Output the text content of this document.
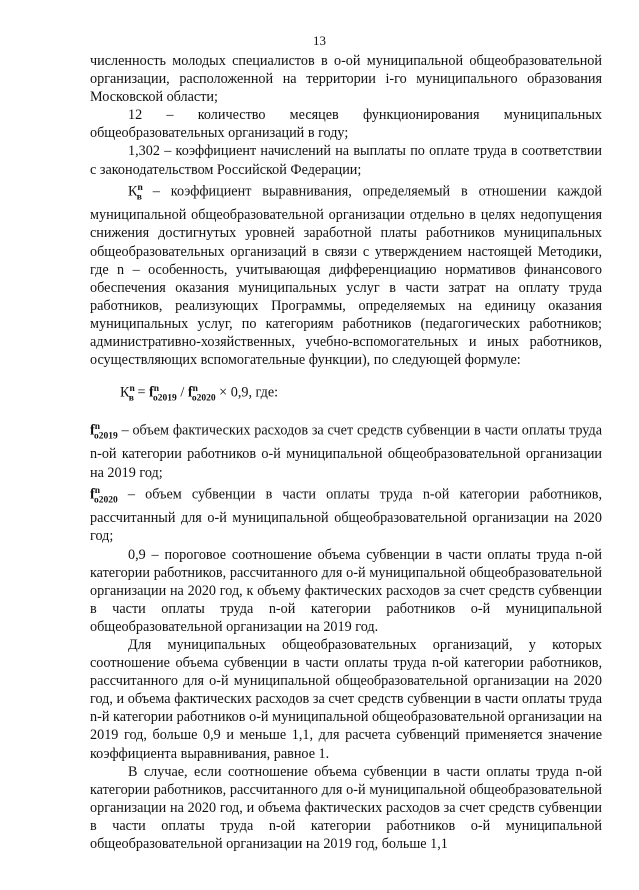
13

численность молодых специалистов в o-ой муниципальной общеобразовательной организации, расположенной на территории i-го муниципального образования Московской области;

12 – количество месяцев функционирования муниципальных общеобразовательных организаций в году;

1,302 – коэффициент начислений на выплаты по оплате труда в соответствии с законодательством Российской Федерации;

$К^n_в$ – коэффициент выравнивания, определяемый в отношении каждой муниципальной общеобразовательной организации отдельно в целях недопущения снижения достигнутых уровней заработной платы работников муниципальных общеобразовательных организаций в связи с утверждением настоящей Методики, где n – особенность, учитывающая дифференциацию нормативов финансового обеспечения оказания муниципальных услуг в части затрат на оплату труда работников, реализующих Программы, определяемых на единицу оказания муниципальных услуг, по категориям работников (педагогических работников; административно-хозяйственных, учебно-вспомогательных и иных работников, осуществляющих вспомогательные функции), по следующей формуле:

$К^n_в = f^n_{o2019} / f^n_{o2020} \times 0,9$, где:

$f^n_{o2019}$ – объем фактических расходов за счет средств субвенции в части оплаты труда n-ой категории работников o-й муниципальной общеобразовательной организации на 2019 год;

$f^n_{o2020}$ – объем субвенции в части оплаты труда n-ой категории работников, рассчитанный для o-й муниципальной общеобразовательной организации на 2020 год;

0,9 – пороговое соотношение объема субвенции в части оплаты труда n-ой категории работников, рассчитанного для o-й муниципальной общеобразовательной организации на 2020 год, к объему фактических расходов за счет средств субвенции в части оплаты труда n-ой категории работников o-й муниципальной общеобразовательной организации на 2019 год.

Для муниципальных общеобразовательных организаций, у которых соотношение объема субвенции в части оплаты труда n-ой категории работников, рассчитанного для o-й муниципальной общеобразовательной организации на 2020 год, и объема фактических расходов за счет средств субвенции в части оплаты труда n-й категории работников o-й муниципальной общеобразовательной организации на 2019 год, больше 0,9 и меньше 1,1, для расчета субвенций применяется значение коэффициента выравнивания, равное 1.

В случае, если соотношение объема субвенции в части оплаты труда n-ой категории работников, рассчитанного для o-й муниципальной общеобразовательной организации на 2020 год, и объема фактических расходов за счет средств субвенции в части оплаты труда n-ой категории работников o-й муниципальной общеобразовательной организации на 2019 год, больше 1,1
